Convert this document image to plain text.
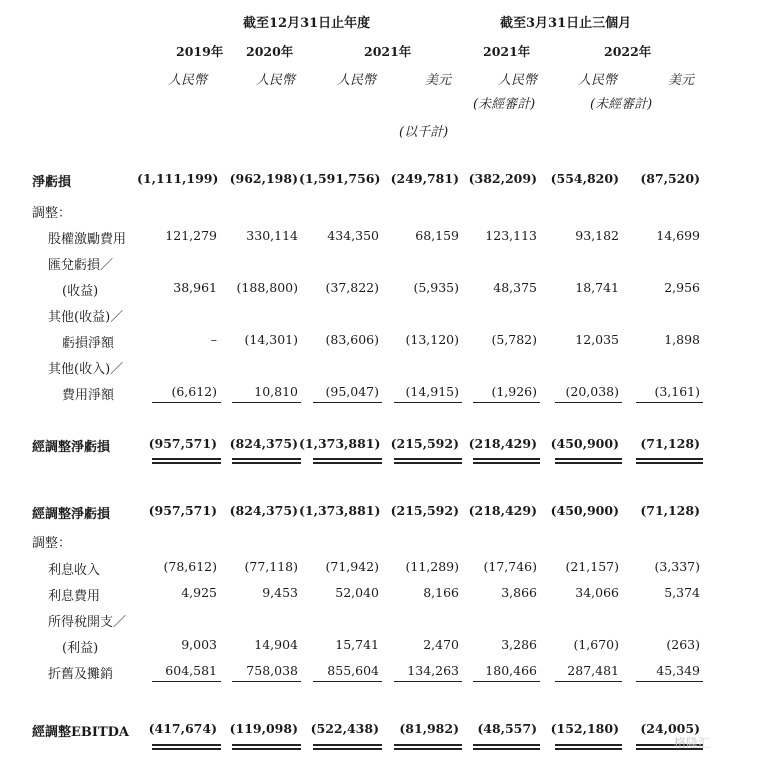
截至12月31日止年度	截至3月31日止三個月
2019年 2020年	2021年	2021年	2022年
人民幣	人民幣	人民幣	美元	人民幣	人民幣	美元
(未經審計)	(未經審計)
(以千計)
淨虧損	(1,111,199) (962,198) (1,591,756) (249,781) (382,209)	(554,820)	(87,520)
調整：
股權激勵費用	121,279	330,114	434,350	68,159	123,113	93,182	14,699
匯兌虧損／
(收益)	38,961	(188,800)	(37,822)	(5,935)	48,375	18,741	2,956
其他(收益)／
虧損淨額	–	(14,301)	(83,606)	(13,120)	(5,782)	12,035	1,898
其他(收入)／
費用淨額	(6,612)	10,810	(95,047)	(14,915)	(1,926)	(20,038)	(3,161)
經調整淨虧損	(957,571)	(824,375) (1,373,881) (215,592) (218,429)	(450,900)	(71,128)
經調整淨虧損	(957,571)	(824,375) (1,373,881) (215,592) (218,429)	(450,900)	(71,128)
調整：
利息收入	(78,612)	(77,118)	(71,942)	(11,289)	(17,746)	(21,157)	(3,337)
利息費用	4,925	9,453	52,040	8,166	3,866	34,066	5,374
所得稅開支／
(利益)	9,003	14,904	15,741	2,470	3,286	(1,670)	(263)
折舊及攤銷	604,581	758,038	855,604	134,263	180,466	287,481	45,349
經調整EBITDA	(417,674)	(119,098)	(522,438)	(81,982)	(48,557)	(152,180)	(24,005)
格隆汇
